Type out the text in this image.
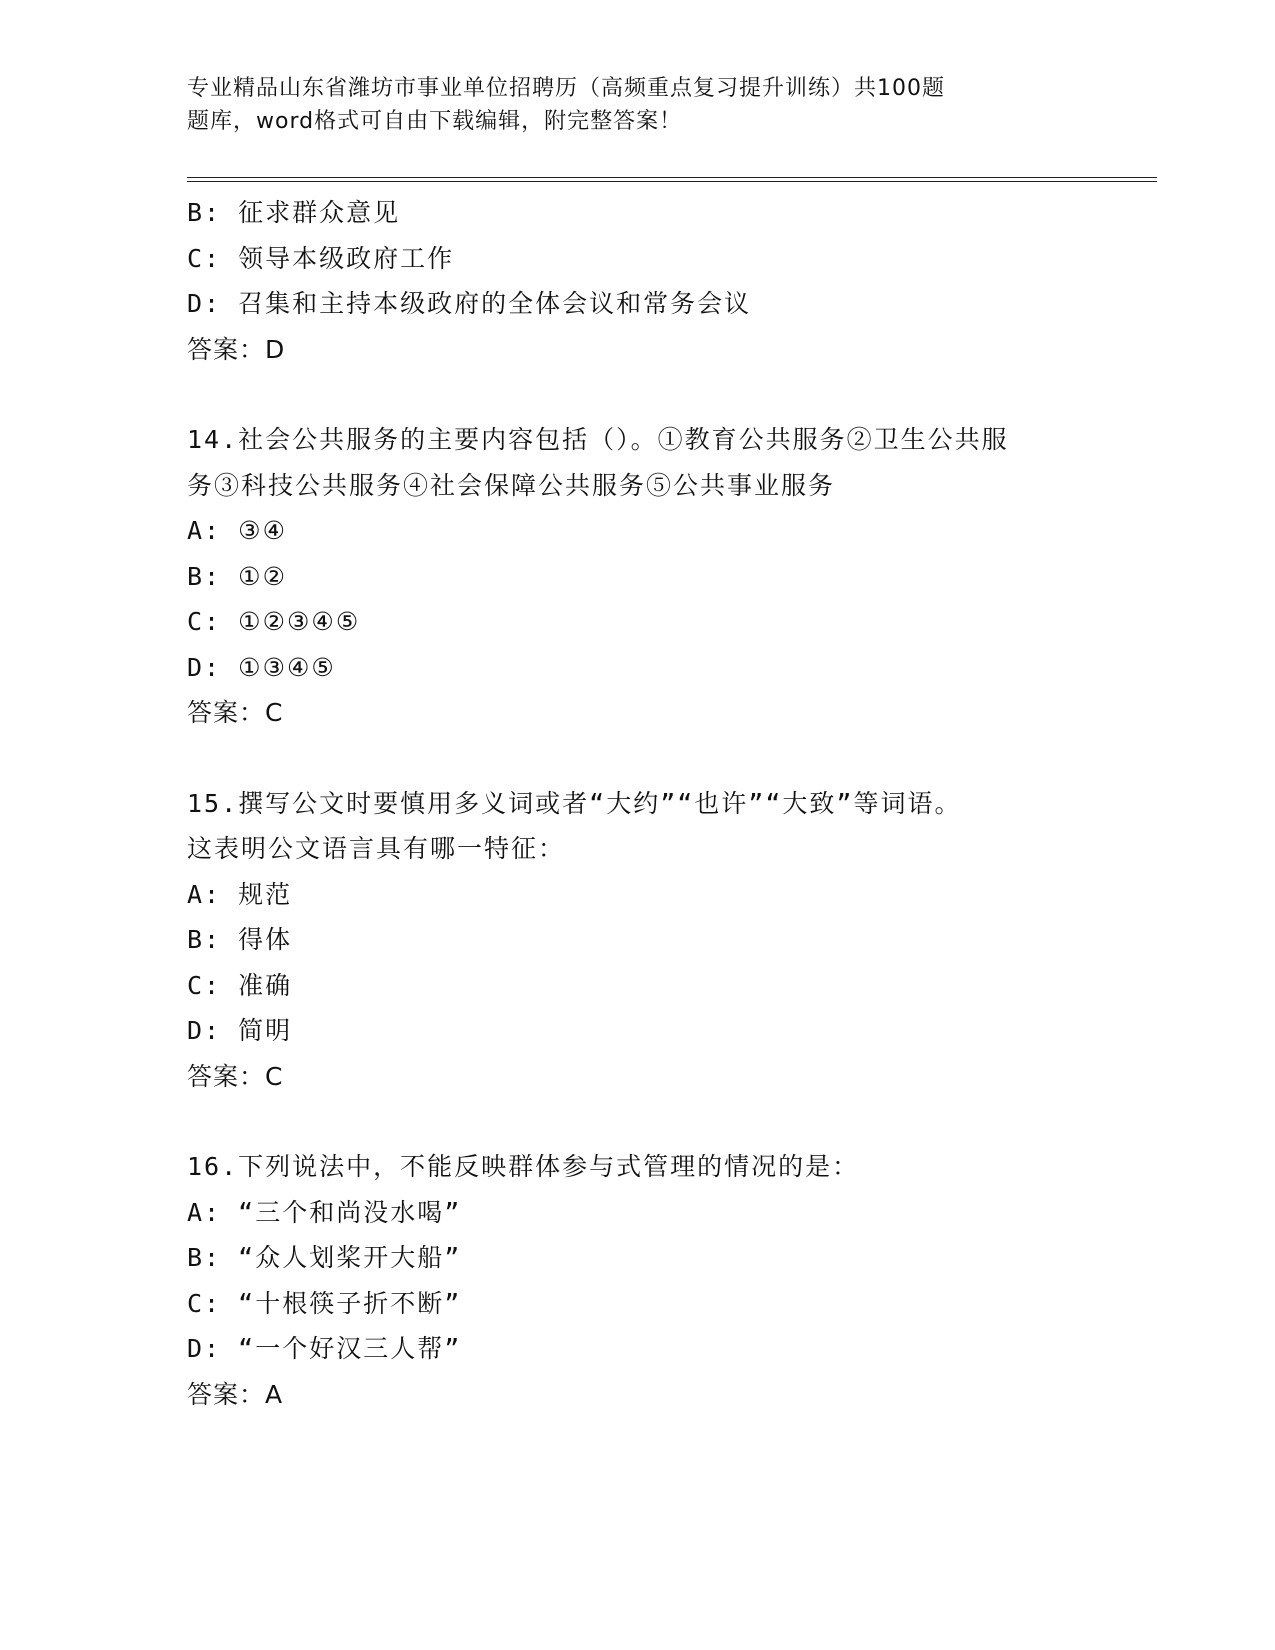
专业精品山东省潍坊市事业单位招聘历（高频重点复习提升训练）共100题
题库，word格式可自由下载编辑，附完整答案！
B: 征求群众意见
C: 领导本级政府工作
D: 召集和主持本级政府的全体会议和常务会议
答案：D
14.社会公共服务的主要内容包括（）。①教育公共服务②卫生公共服
务③科技公共服务④社会保障公共服务⑤公共事业服务
A: ③④
B: ①②
C: ①②③④⑤
D: ①③④⑤
答案：C
15.撰写公文时要慎用多义词或者“大约”“也许”“大致”等词语。
这表明公文语言具有哪一特征：
A: 规范
B: 得体
C: 准确
D: 简明
答案：C
16.下列说法中，不能反映群体参与式管理的情况的是：
A: “三个和尚没水喝”
B: “众人划桨开大船”
C: “十根筷子折不断”
D: “一个好汉三人帮”
答案：A
